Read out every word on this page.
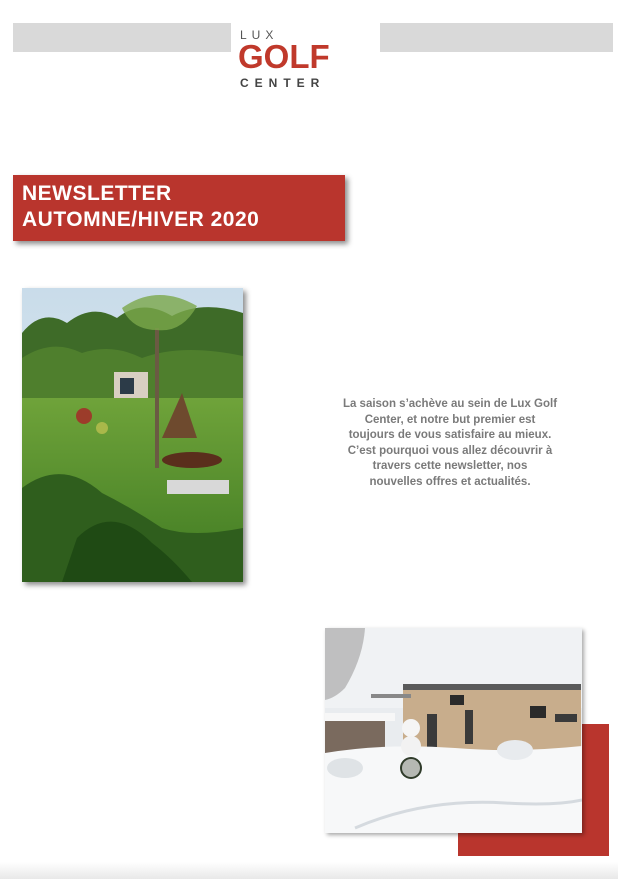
LUX
GOLF
CENTER
NEWSLETTER
AUTOMNE/HIVER 2020
La saison s’achève au sein de Lux Golf
Center, et notre but premier est
toujours de vous satisfaire au mieux.
C’est pourquoi vous allez découvrir à
travers cette newsletter, nos
nouvelles offres et actualités.
